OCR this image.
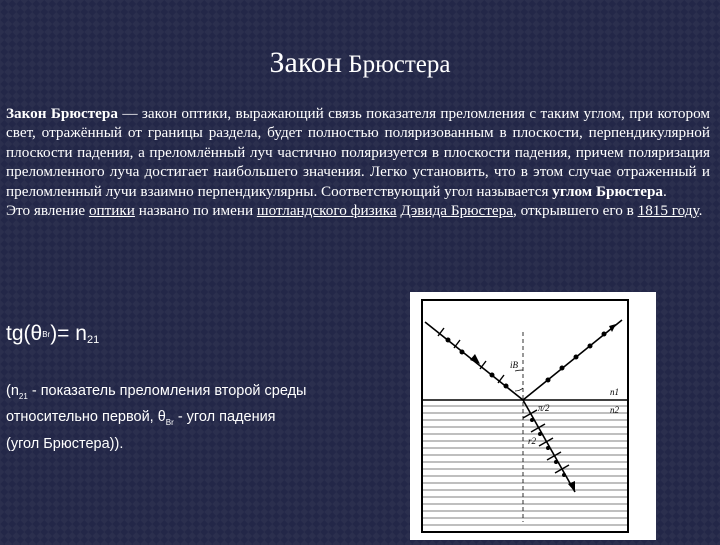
Закон Брюстера

Закон Брюстера — закон оптики, выражающий связь показателя преломления с таким углом, при котором свет, отражённый от границы раздела, будет полностью поляризованным в плоскости, перпендикулярной плоскости падения, а преломлённый луч частично поляризуется в плоскости падения, причем поляризация преломленного луча достигает наибольшего значения. Легко установить, что в этом случае отраженный и преломленный лучи взаимно перпендикулярны. Соответствующий угол называется углом Брюстера.

Это явление оптики названо по имени шотландского физика Дэвида Брюстера, открывшего его в 1815 году.

$tg(\theta Br)= n_{21}$
($n_{21}$ - показатель преломления второй среды
относительно первой, $\theta_{Br}$ - угол падения
(угол Брюстера)).
iB
π/2
r2
n1
n2
